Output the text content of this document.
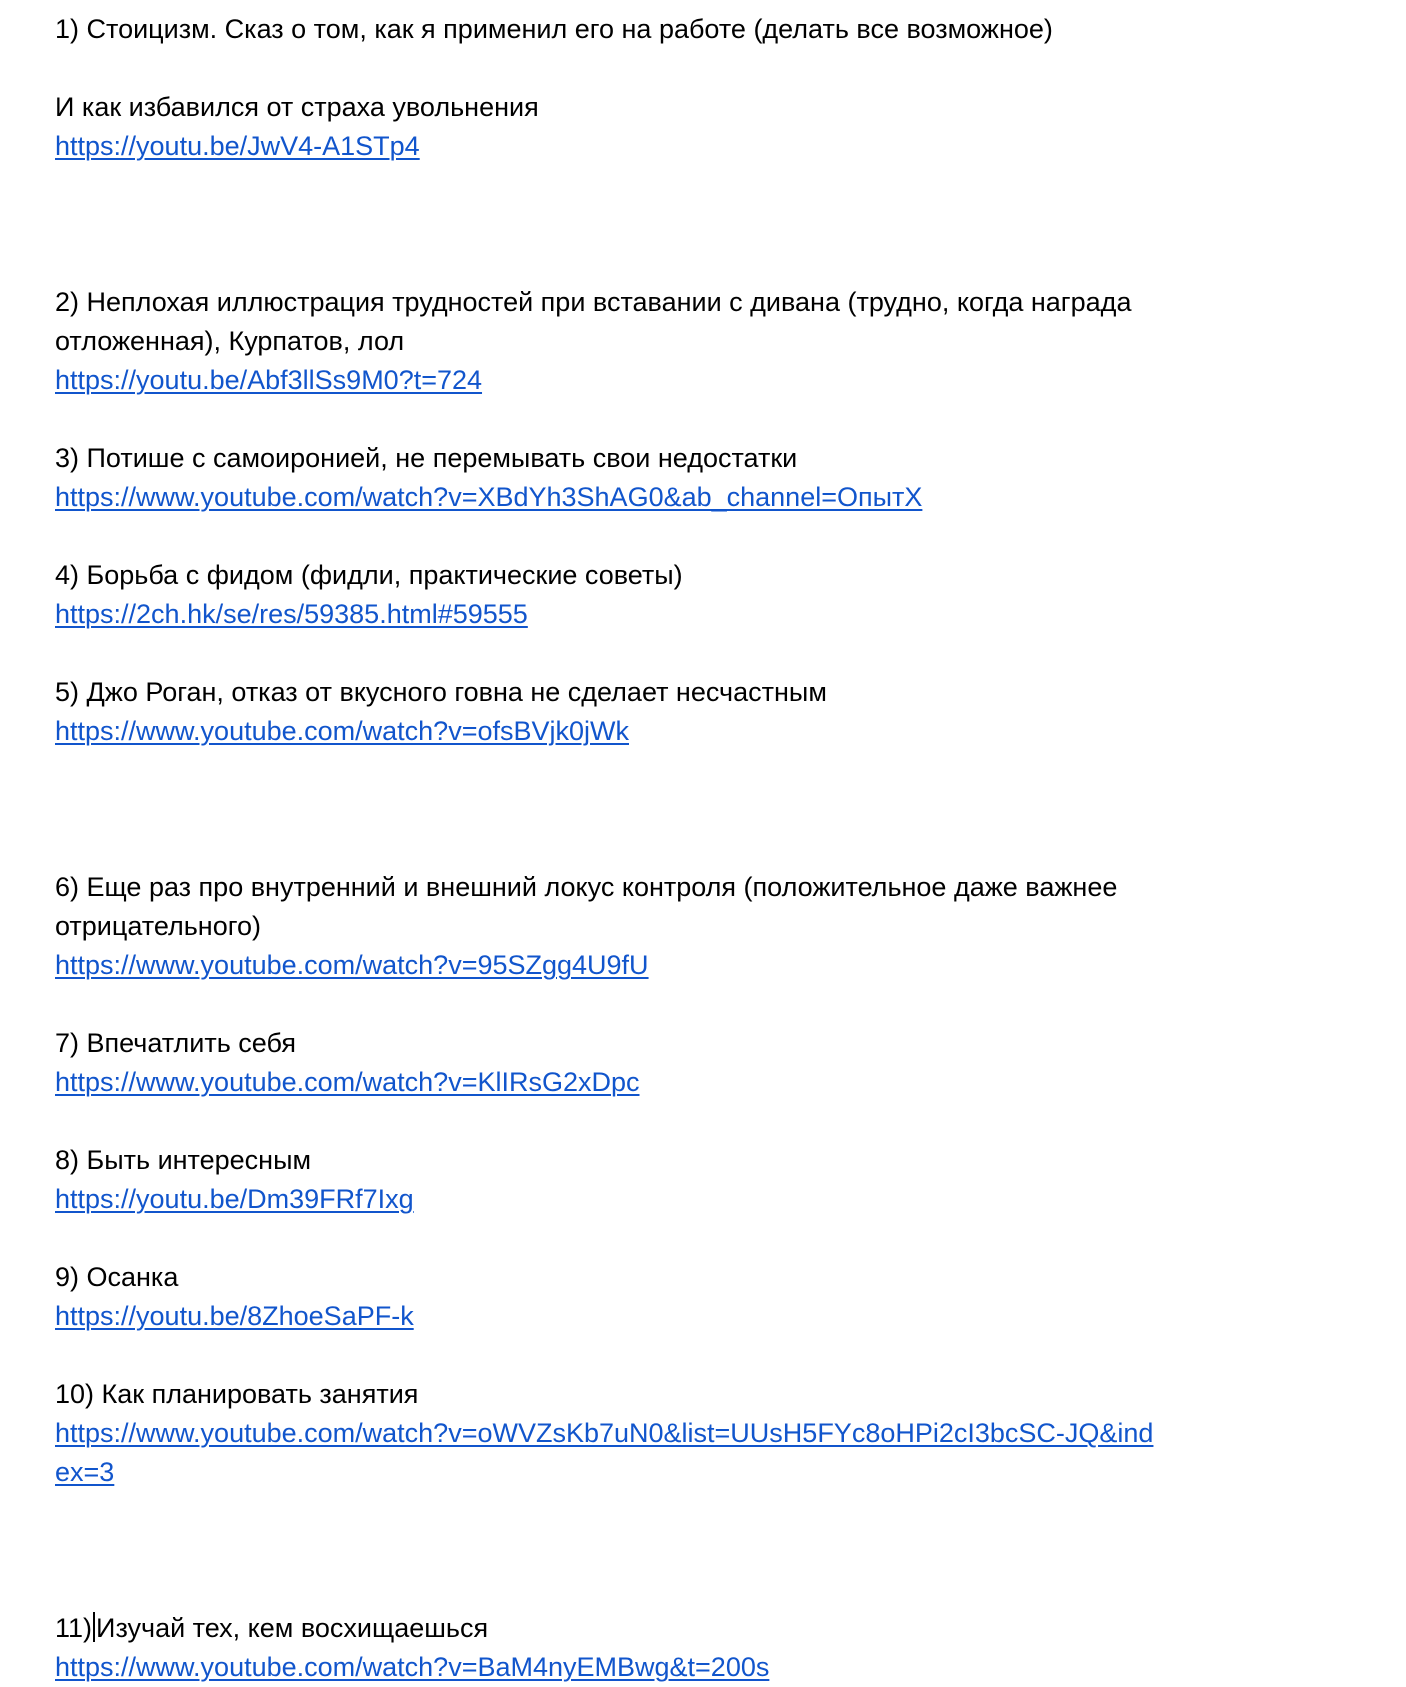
1) Стоицизм. Сказ о том, как я применил его на работе (делать все возможное)
И как избавился от страха увольнения
https://youtu.be/JwV4-A1STp4
2) Неплохая иллюстрация трудностей при вставании с дивана (трудно, когда награда
отложенная), Курпатов, лол
https://youtu.be/Abf3llSs9M0?t=724
3) Потише с самоиронией, не перемывать свои недостатки
https://www.youtube.com/watch?v=XBdYh3ShAG0&ab_channel=ОпытХ
4) Борьба с фидом (фидли, практические советы)
https://2ch.hk/se/res/59385.html#59555
5) Джо Роган, отказ от вкусного говна не сделает несчастным
https://www.youtube.com/watch?v=ofsBVjk0jWk
6) Еще раз про внутренний и внешний локус контроля (положительное даже важнее
отрицательного)
https://www.youtube.com/watch?v=95SZgg4U9fU
7) Впечатлить себя
https://www.youtube.com/watch?v=KlIRsG2xDpc
8) Быть интересным
https://youtu.be/Dm39FRf7Ixg
9) Осанка
https://youtu.be/8ZhoeSaPF-k
10) Как планировать занятия
https://www.youtube.com/watch?v=oWVZsKb7uN0&list=UUsH5FYc8oHPi2cI3bcSC-JQ&ind
ex=3
11) Изучай тех, кем восхищаешься
https://www.youtube.com/watch?v=BaM4nyEMBwg&t=200s
